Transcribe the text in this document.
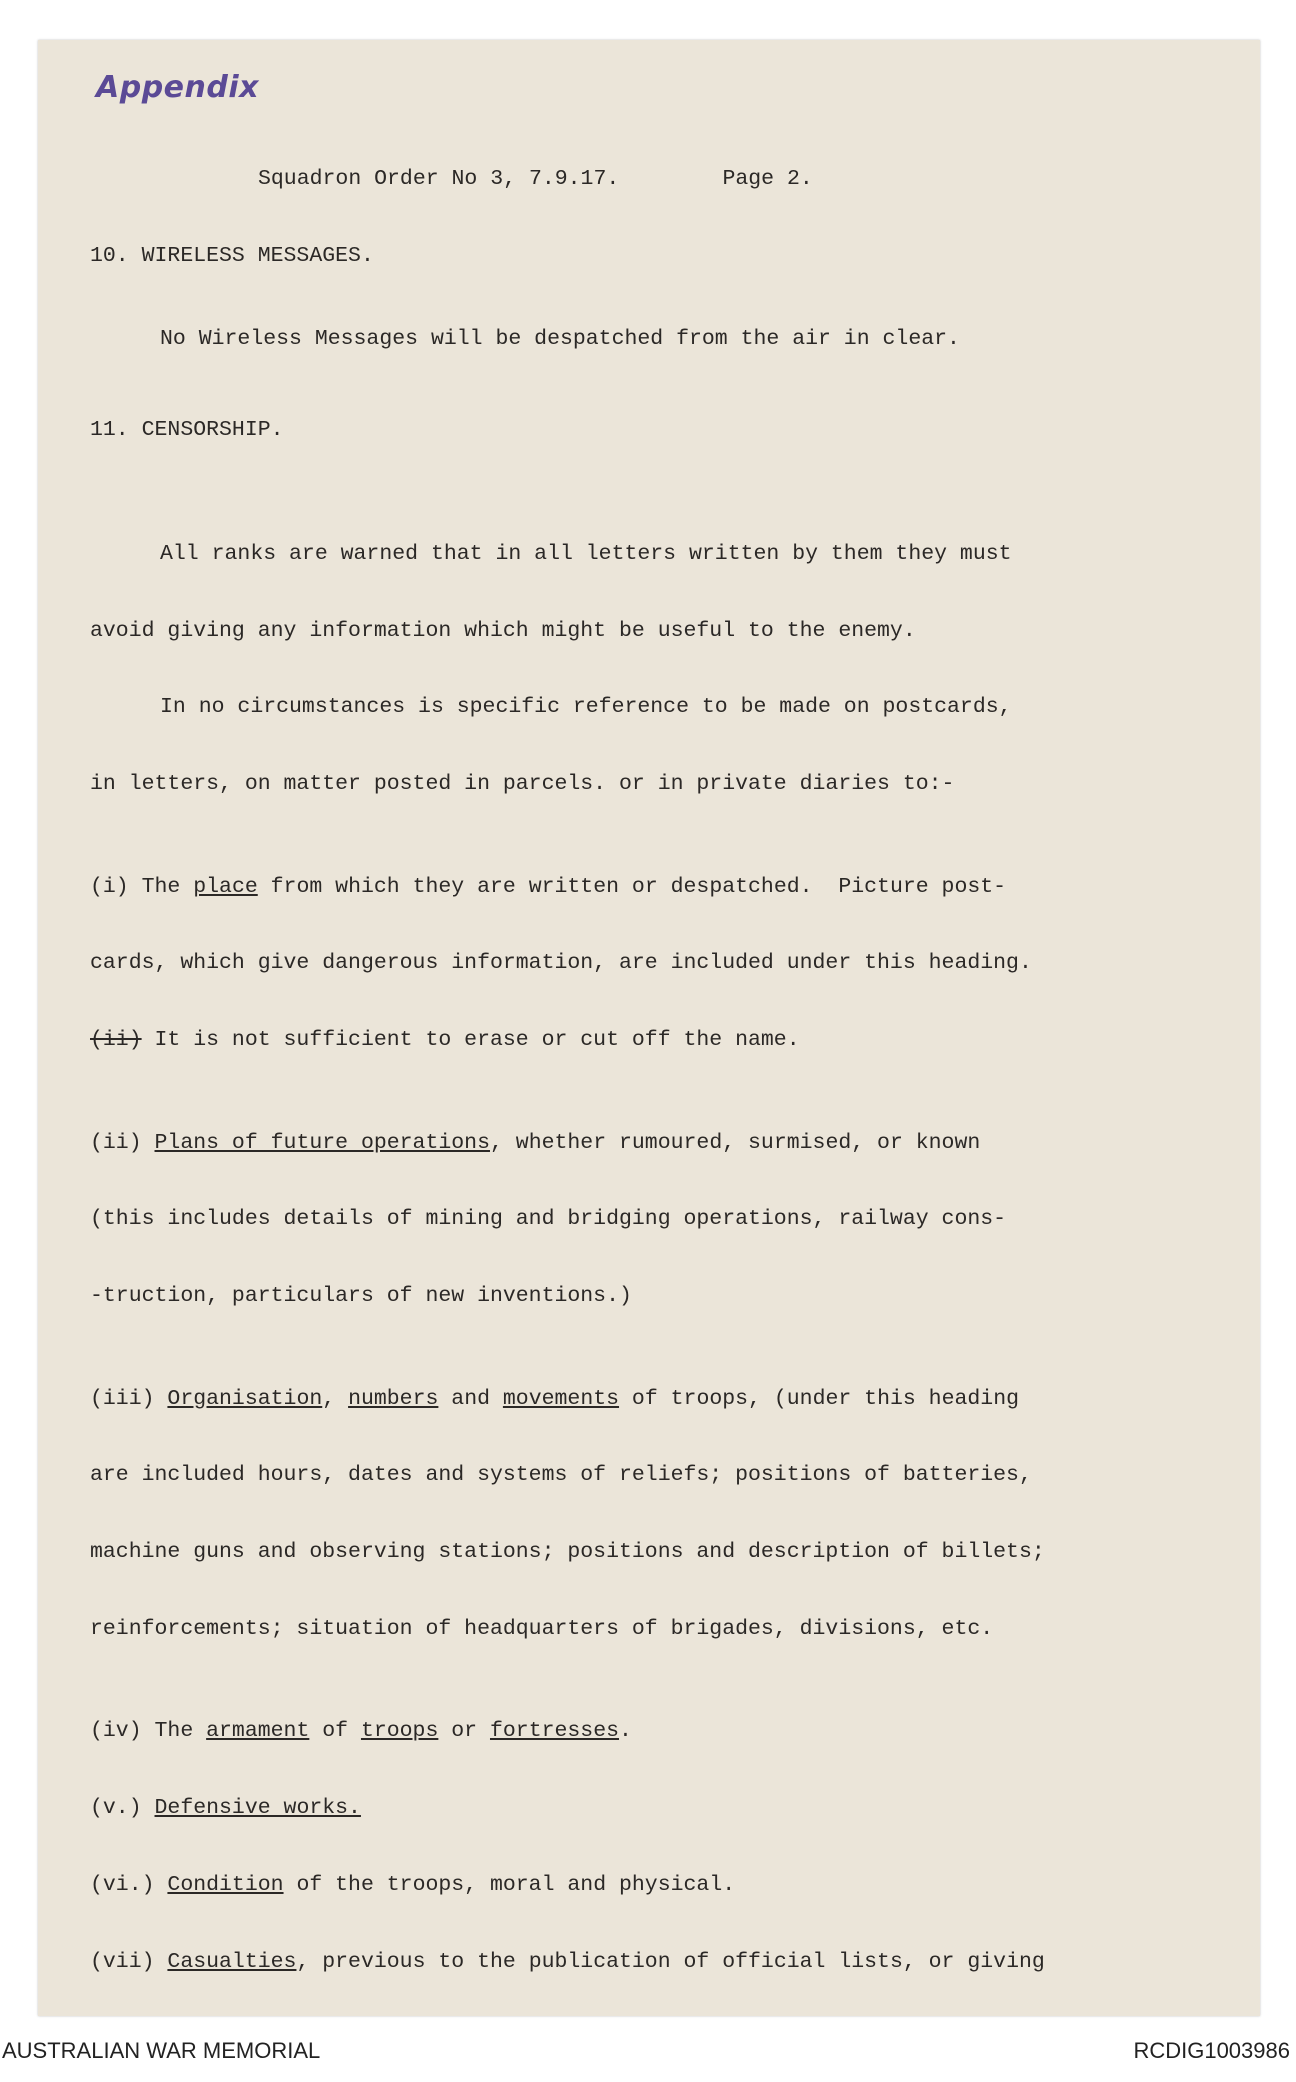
Appendix

Squadron Order No 3, 7.9.17.        Page 2.

10. WIRELESS MESSAGES.

No Wireless Messages will be despatched from the air in clear.

11. CENSORSHIP.

All ranks are warned that in all letters written by them they must

avoid giving any information which might be useful to the enemy.

In no circumstances is specific reference to be made on postcards,

in letters, on matter posted in parcels. or in private diaries to:-

(i) The place from which they are written or despatched.  Picture post-

cards, which give dangerous information, are included under this heading.

(ii) It is not sufficient to erase or cut off the name.

(ii) Plans of future operations, whether rumoured, surmised, or known

(this includes details of mining and bridging operations, railway cons-

-truction, particulars of new inventions.)

(iii) Organisation, numbers and movements of troops, (under this heading

are included hours, dates and systems of reliefs; positions of batteries,

machine guns and observing stations; positions and description of billets;

reinforcements; situation of headquarters of brigades, divisions, etc.

(iv) The armament of troops or fortresses.

(v.) Defensive works.

(vi.) Condition of the troops, moral and physical.

(vii) Casualties, previous to the publication of official lists, or giving

AUSTRALIAN WAR MEMORIAL	RCDIG1003986
